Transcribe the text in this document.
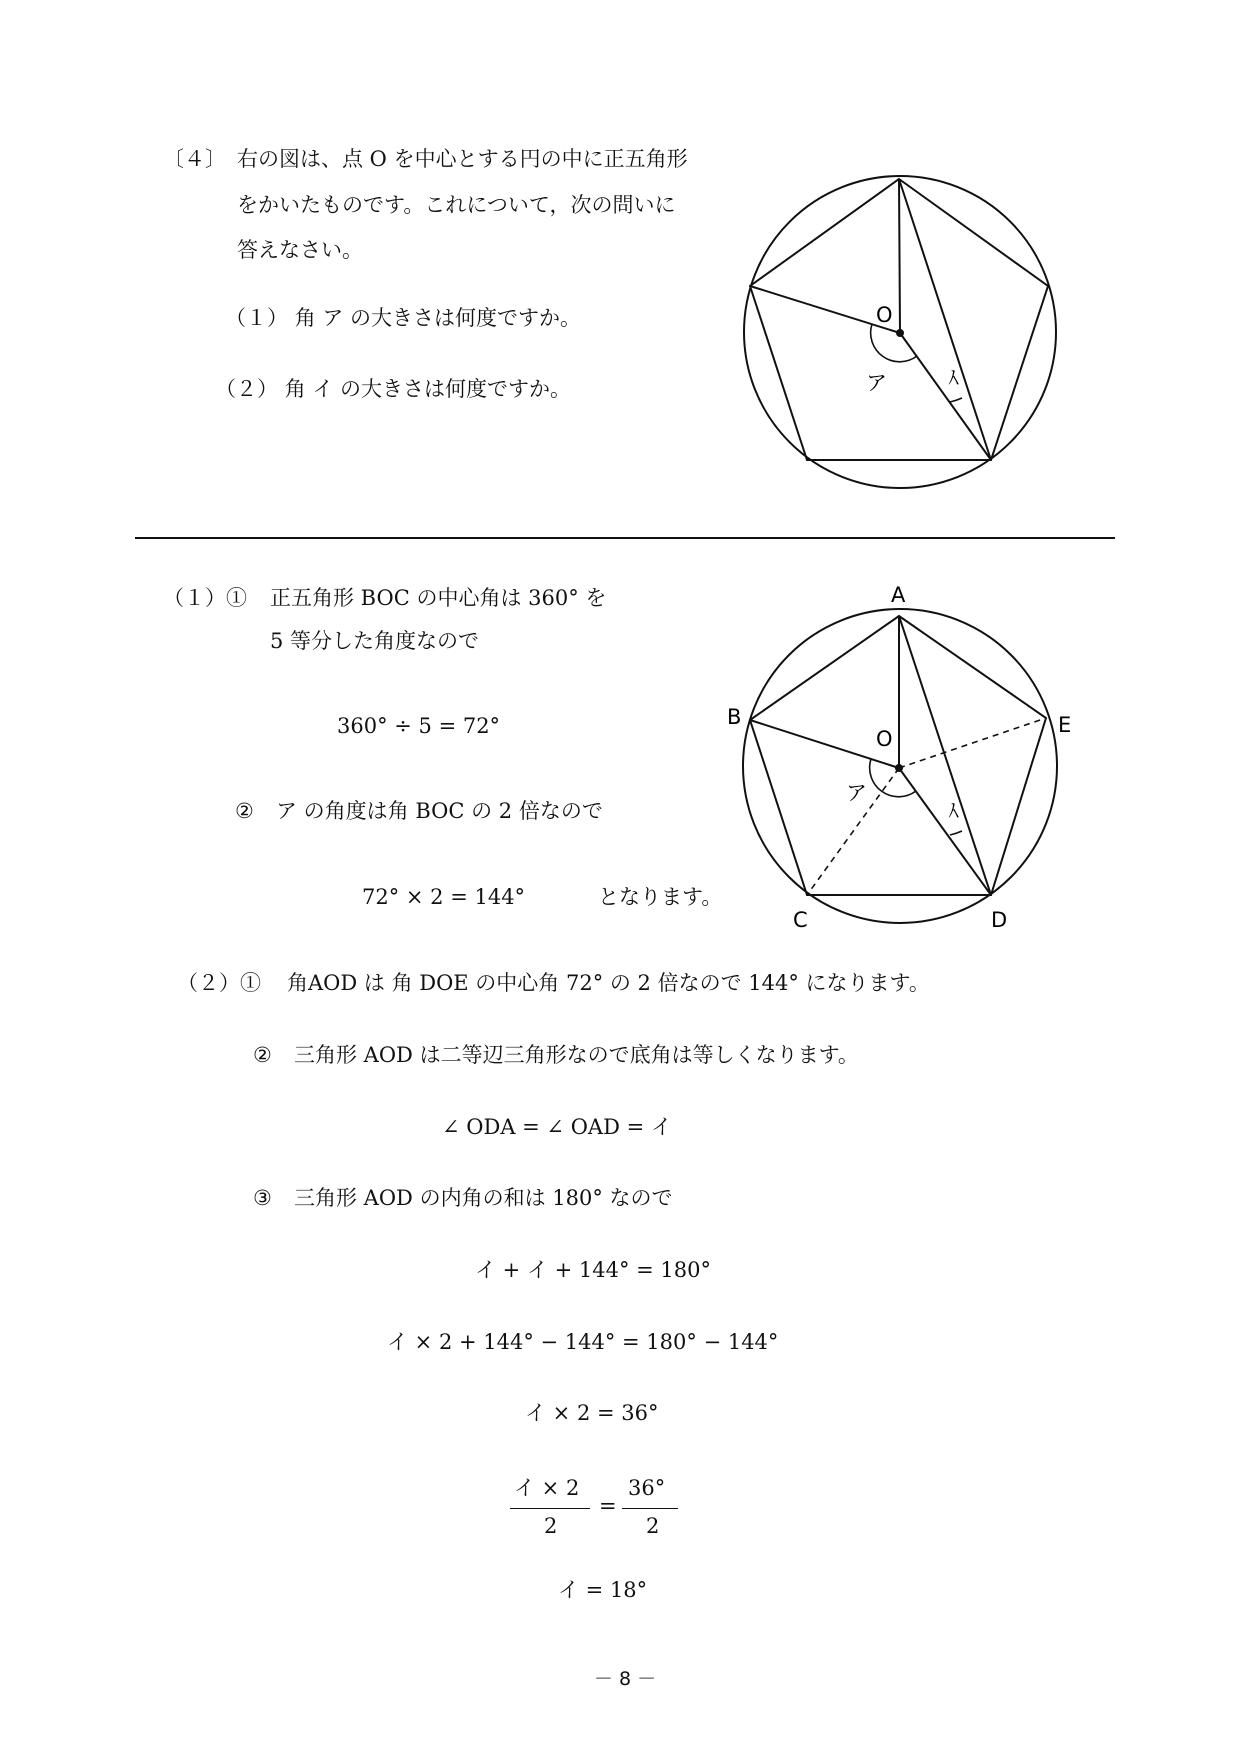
〔４〕 右の図は、点 O を中心とする円の中に正五角形
をかいたものです。これについて，次の問いに
答えなさい。
（１） 角 ア の大きさは何度ですか。
（２） 角 イ の大きさは何度ですか。
O
ア	イ
（１）① 正五角形 BOC の中心角は 360° を
5 等分した角度なので
360° ÷ 5 = 72°
② ア の角度は角 BOC の 2 倍なので
72° × 2 = 144°	となります。
A
B
C	D
E
O
ア
イ
（２）① 角AOD は 角 DOE の中心角 72° の 2 倍なので 144° になります。
② 三角形 AOD は二等辺三角形なので底角は等しくなります。
∠ ODA = ∠ OAD = イ
③ 三角形 AOD の内角の和は 180° なので
イ + イ + 144° = 180°
イ × 2 + 144° − 144° = 180° − 144°
イ × 2 = 36°
イ × 2
2
=
36°
2
イ = 18°
－ 8 －
